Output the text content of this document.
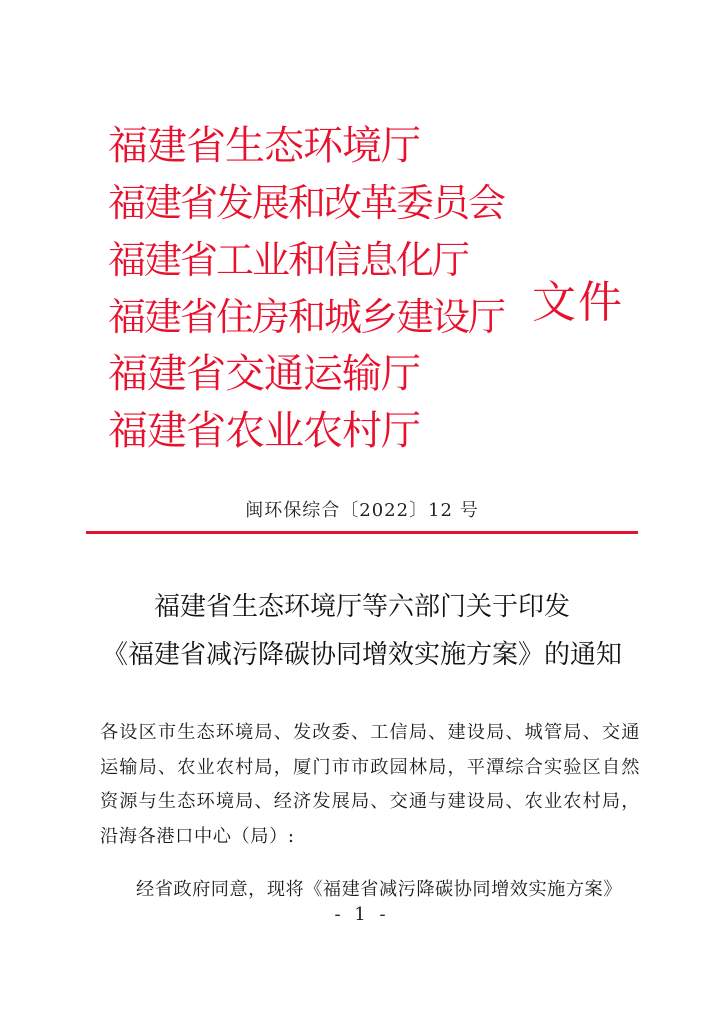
福建省生态环境厅
福建省发展和改革委员会
福建省工业和信息化厅
福建省住房和城乡建设厅
福建省交通运输厅
福建省农业农村厅
文件
闽环保综合〔2022〕12 号
福建省生态环境厅等六部门关于印发
《福建省减污降碳协同增效实施方案》的通知
各设区市生态环境局、发改委、工信局、建设局、城管局、交通运输局、农业农村局，厦门市市政园林局，平潭综合实验区自然资源与生态环境局、经济发展局、交通与建设局、农业农村局，沿海各港口中心（局）:
经省政府同意，现将《福建省减污降碳协同增效实施方案》
- 1 -
